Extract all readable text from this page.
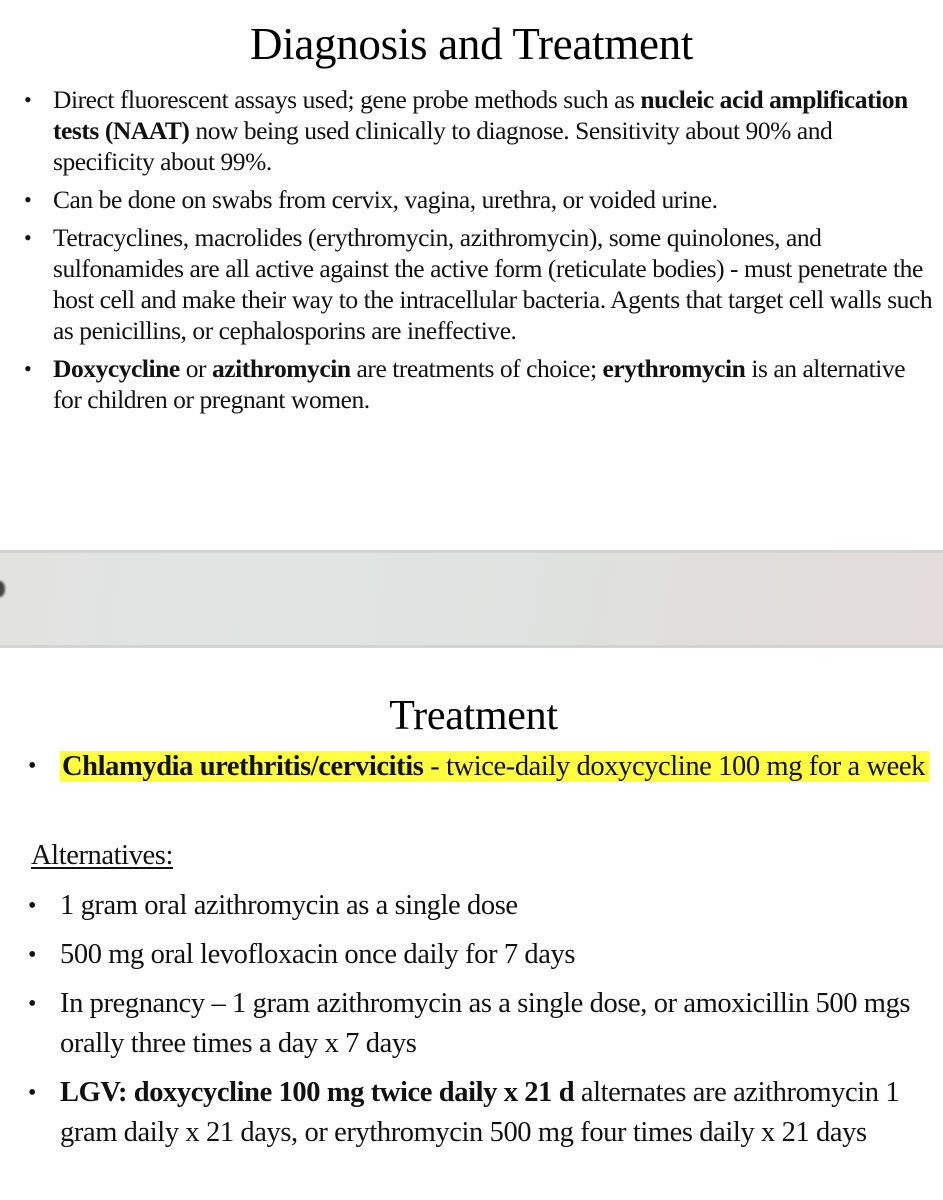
Diagnosis and Treatment
• Direct fluorescent assays used; gene probe methods such as nucleic acid amplification tests (NAAT) now being used clinically to diagnose. Sensitivity about 90% and specificity about 99%.
• Can be done on swabs from cervix, vagina, urethra, or voided urine.
• Tetracyclines, macrolides (erythromycin, azithromycin), some quinolones, and sulfonamides are all active against the active form (reticulate bodies) - must penetrate the host cell and make their way to the intracellular bacteria. Agents that target cell walls such as penicillins, or cephalosporins are ineffective.
• Doxycycline or azithromycin are treatments of choice; erythromycin is an alternative for children or pregnant women.
Treatment
• Chlamydia urethritis/cervicitis - twice-daily doxycycline 100 mg for a week
Alternatives:
• 1 gram oral azithromycin as a single dose
• 500 mg oral levofloxacin once daily for 7 days
• In pregnancy – 1 gram azithromycin as a single dose, or amoxicillin 500 mgs orally three times a day x 7 days
• LGV: doxycycline 100 mg twice daily x 21 d alternates are azithromycin 1 gram daily x 21 days, or erythromycin 500 mg four times daily x 21 days
